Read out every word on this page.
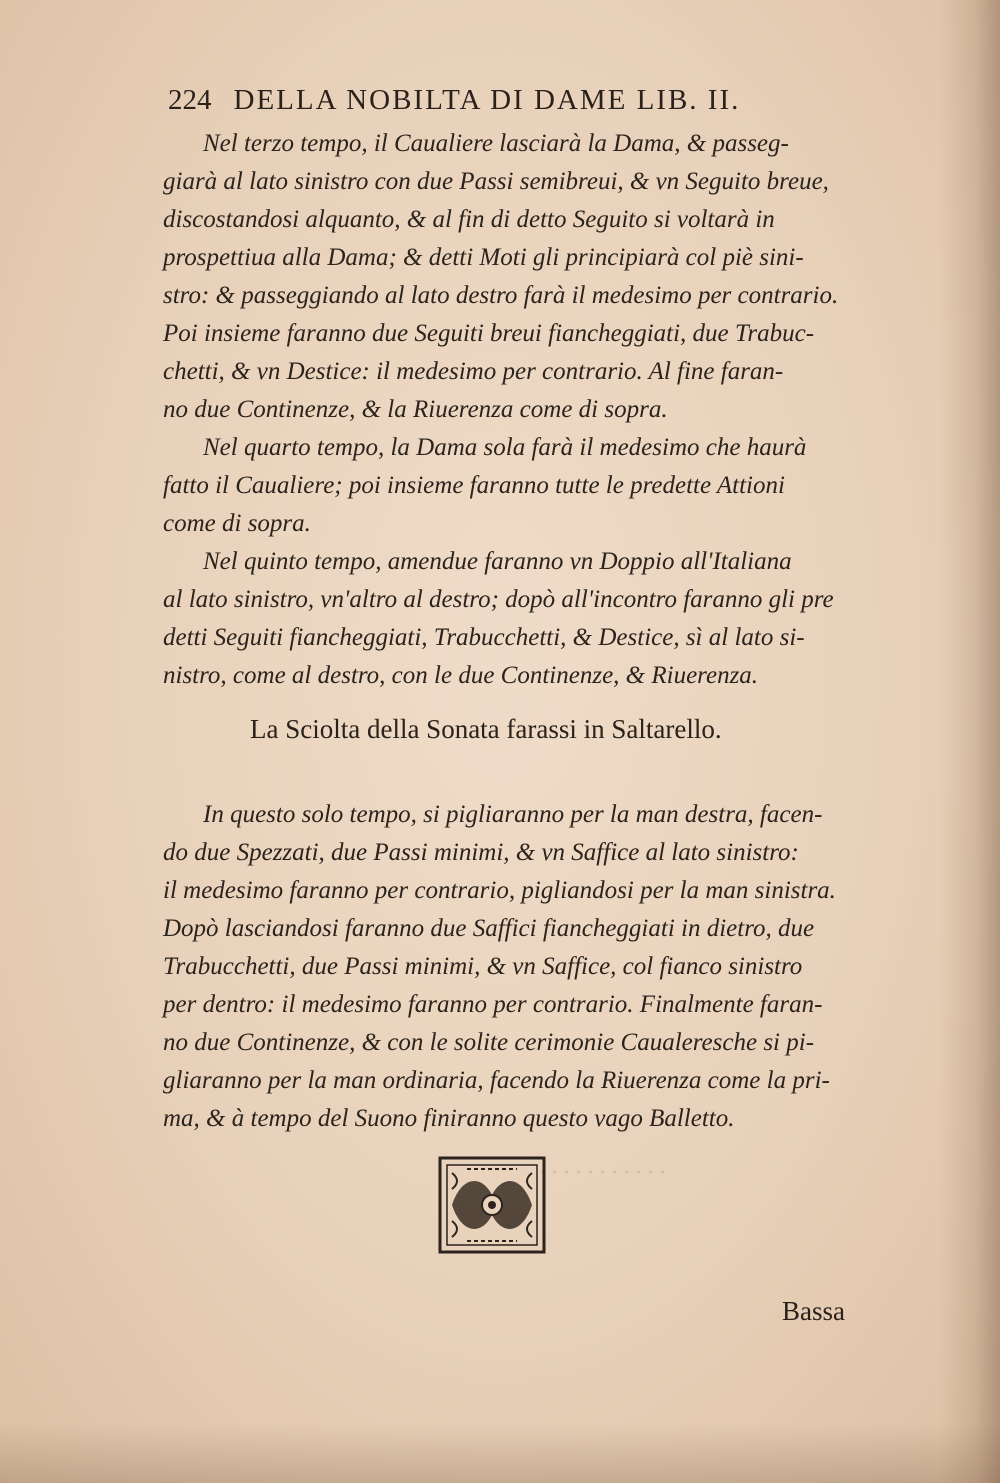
· · · · · · · · · · ·
224 DELLA NOBILTA DI DAME LIB. II.
Nel terzo tempo, il Caualiere lasciarà la Dama, & passeg-
giarà al lato sinistro con due Passi semibreui, & vn Seguito breue,
discostandosi alquanto, & al fin di detto Seguito si voltarà in
prospettiua alla Dama; & detti Moti gli principiarà col piè sini-
stro: & passeggiando al lato destro farà il medesimo per contrario.
Poi insieme faranno due Seguiti breui fiancheggiati, due Trabuc-
chetti, & vn Destice: il medesimo per contrario. Al fine faran-
no due Continenze, & la Riuerenza come di sopra.
Nel quarto tempo, la Dama sola farà il medesimo che haurà
fatto il Caualiere; poi insieme faranno tutte le predette Attioni
come di sopra.
Nel quinto tempo, amendue faranno vn Doppio all'Italiana
al lato sinistro, vn'altro al destro; dopò all'incontro faranno gli pre
detti Seguiti fiancheggiati, Trabucchetti, & Destice, sì al lato si-
nistro, come al destro, con le due Continenze, & Riuerenza.
La Sciolta della Sonata farassi in Saltarello.
In questo solo tempo, si pigliaranno per la man destra, facen-
do due Spezzati, due Passi minimi, & vn Saffice al lato sinistro:
il medesimo faranno per contrario, pigliandosi per la man sinistra.
Dopò lasciandosi faranno due Saffici fiancheggiati in dietro, due
Trabucchetti, due Passi minimi, & vn Saffice, col fianco sinistro
per dentro: il medesimo faranno per contrario. Finalmente faran-
no due Continenze, & con le solite cerimonie Caualeresche si pi-
gliaranno per la man ordinaria, facendo la Riuerenza come la pri-
ma, & à tempo del Suono finiranno questo vago Balletto.
Bassa
